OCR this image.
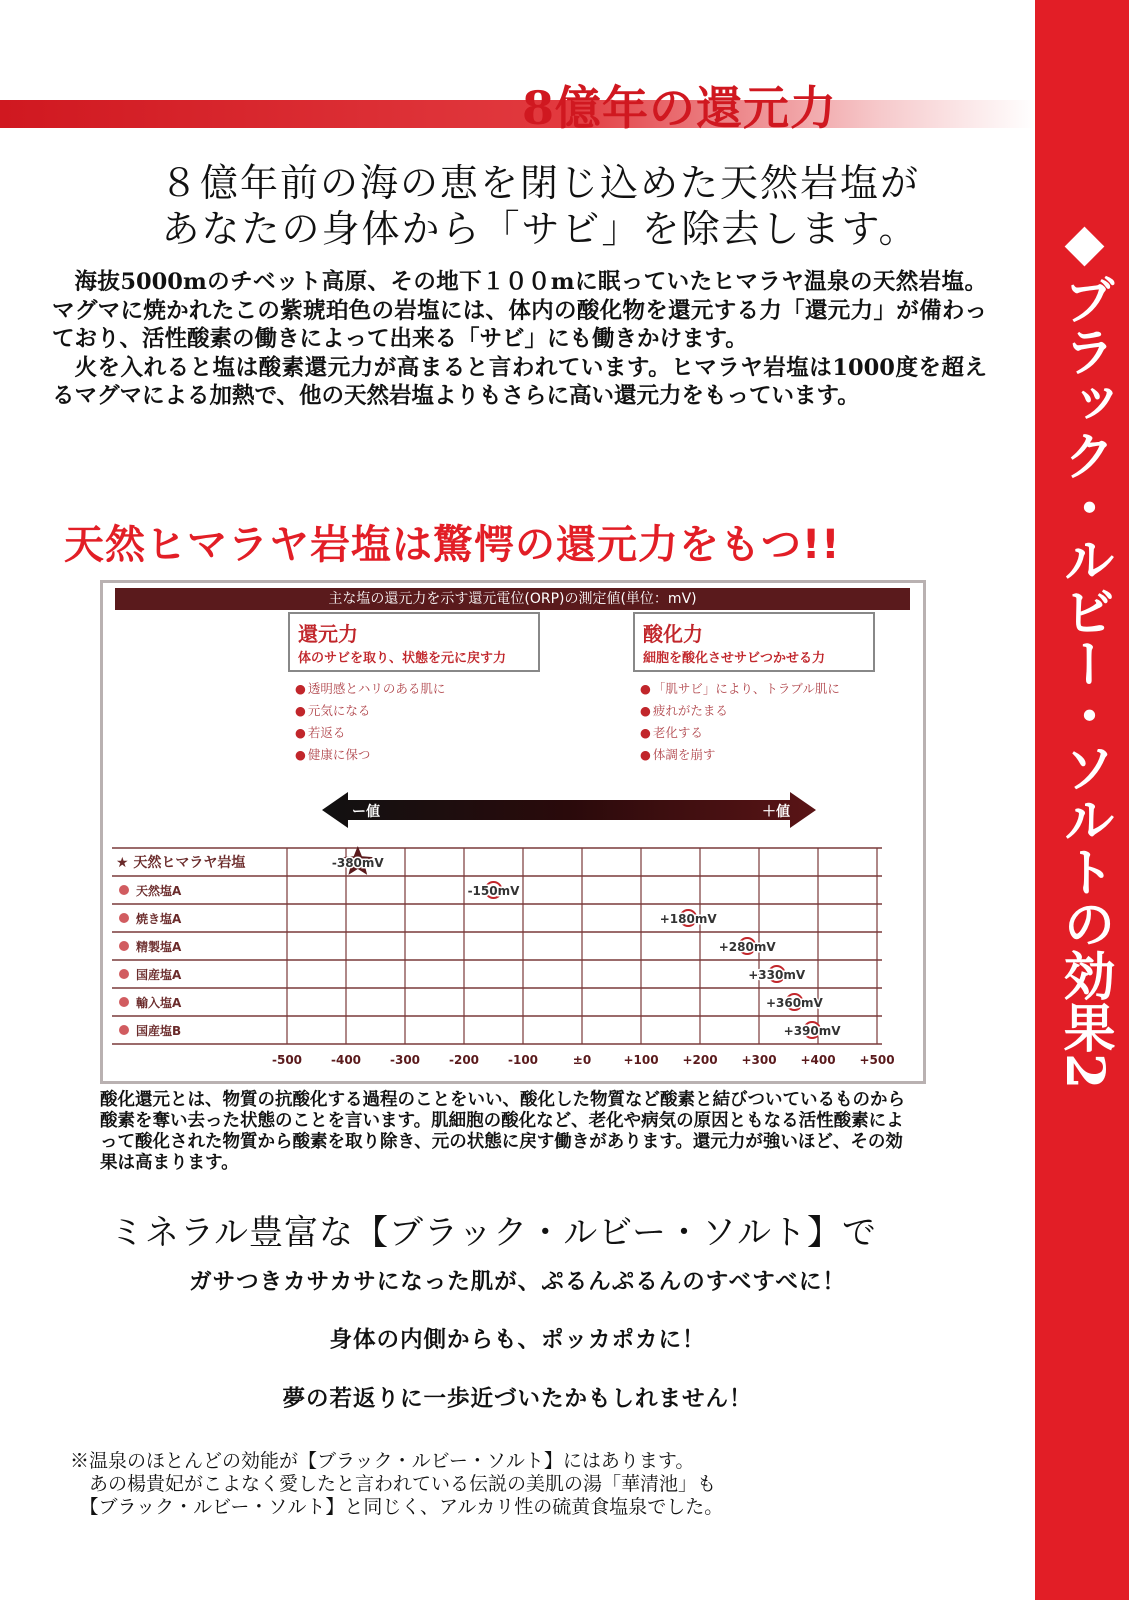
◆ブラック・ルビー・ソルトの効果2
8億年の還元力
８億年前の海の恵を閉じ込めた天然岩塩が
あなたの身体から「サビ」を除去します。
海抜5000mのチベット高原、その地下１００mに眠っていたヒマラヤ温泉の天然岩塩。マグマに焼かれたこの紫琥珀色の岩塩には、体内の酸化物を還元する力「還元力」が備わっており、活性酸素の働きによって出来る「サビ」にも働きかけます。
火を入れると塩は酸素還元力が高まると言われています。ヒマラヤ岩塩は1000度を超えるマグマによる加熱で、他の天然岩塩よりもさらに高い還元力をもっています。
天然ヒマラヤ岩塩は驚愕の還元力をもつ!!
主な塩の還元力を示す還元電位(ORP)の測定値(単位：mV)
還元力
体のサビを取り、状態を元に戻す力
● 透明感とハリのある肌に
● 元気になる
● 若返る
● 健康に保つ
酸化力
細胞を酸化させサビつかせる力
● 「肌サビ」により、トラブル肌に
● 疲れがたまる
● 老化する
● 体調を崩す
ー値	＋値
-500 -400 -300 -200 -100	±0	+100 +200 +300 +400 +500
★ 天然ヒマラヤ岩塩	-380mV
天然塩A	-150mV
焼き塩A	+180mV
精製塩A	+280mV
国産塩A	+330mV
輸入塩A	+360mV
国産塩B	+390mV
酸化還元とは、物質の抗酸化する過程のことをいい、酸化した物質など酸素と結びついているものから酸素を奪い去った状態のことを言います。肌細胞の酸化など、老化や病気の原因ともなる活性酸素によって酸化された物質から酸素を取り除き、元の状態に戻す働きがあります。還元力が強いほど、その効果は高まります。
ミネラル豊富な【ブラック・ルビー・ソルト】で
ガサつきカサカサになった肌が、ぷるんぷるんのすべすべに！
身体の内側からも、ポッカポカに！
夢の若返りに一歩近づいたかもしれません！
※温泉のほとんどの効能が【ブラック・ルビー・ソルト】にはあります。
　あの楊貴妃がこよなく愛したと言われている伝説の美肌の湯「華清池」も
　【ブラック・ルビー・ソルト】と同じく、アルカリ性の硫黄食塩泉でした。
